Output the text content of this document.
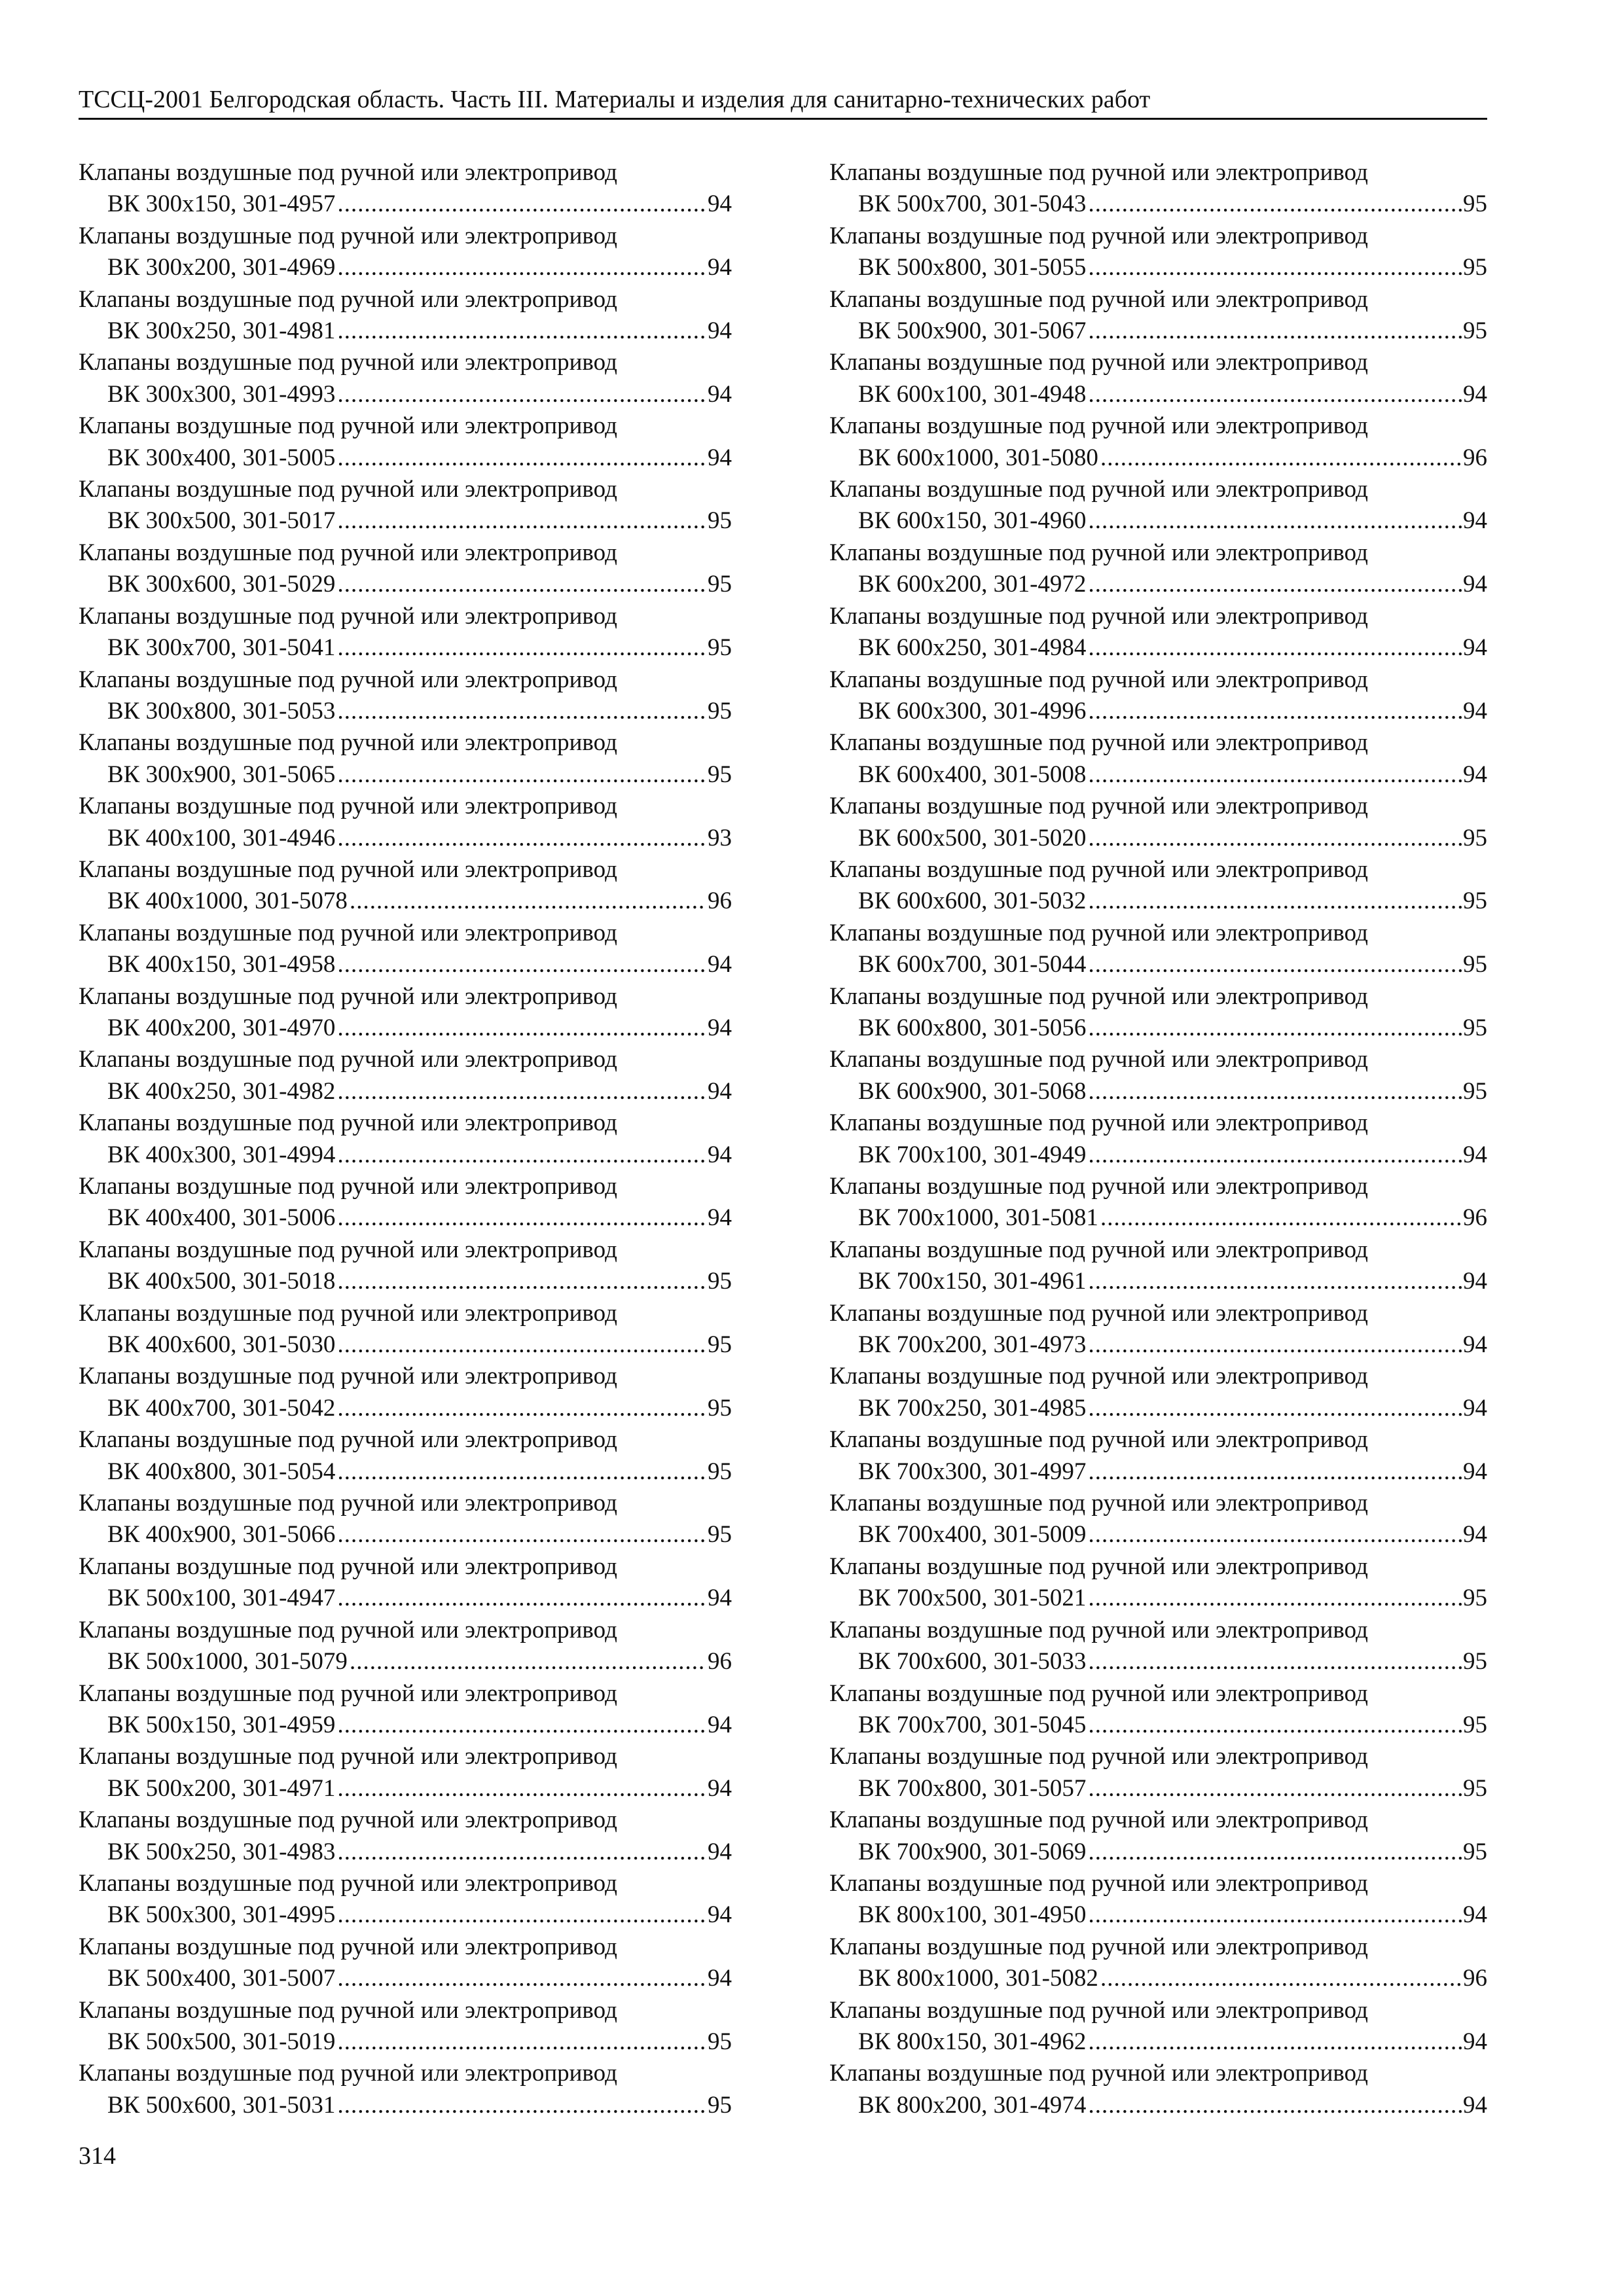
ТССЦ-2001 Белгородская область. Часть III. Материалы и изделия для санитарно-технических работ
Клапаны воздушные под ручной или электропривод
ВК 300х150, 301-4957 .....	94
Клапаны воздушные под ручной или электропривод
ВК 300х200, 301-4969 .....	94
Клапаны воздушные под ручной или электропривод
ВК 300х250, 301-4981 .....	94
Клапаны воздушные под ручной или электропривод
ВК 300х300, 301-4993 .....	94
Клапаны воздушные под ручной или электропривод
ВК 300х400, 301-5005 .....	94
Клапаны воздушные под ручной или электропривод
ВК 300х500, 301-5017 .....	95
Клапаны воздушные под ручной или электропривод
ВК 300х600, 301-5029 .....	95
Клапаны воздушные под ручной или электропривод
ВК 300х700, 301-5041 .....	95
Клапаны воздушные под ручной или электропривод
ВК 300х800, 301-5053 .....	95
Клапаны воздушные под ручной или электропривод
ВК 300х900, 301-5065 .....	95
Клапаны воздушные под ручной или электропривод
ВК 400х100, 301-4946 .....	93
Клапаны воздушные под ручной или электропривод
ВК 400х1000, 301-5078 .....	96
Клапаны воздушные под ручной или электропривод
ВК 400х150, 301-4958 .....	94
Клапаны воздушные под ручной или электропривод
ВК 400х200, 301-4970 .....	94
Клапаны воздушные под ручной или электропривод
ВК 400х250, 301-4982 .....	94
Клапаны воздушные под ручной или электропривод
ВК 400х300, 301-4994 .....	94
Клапаны воздушные под ручной или электропривод
ВК 400х400, 301-5006 .....	94
Клапаны воздушные под ручной или электропривод
ВК 400х500, 301-5018 .....	95
Клапаны воздушные под ручной или электропривод
ВК 400х600, 301-5030 .....	95
Клапаны воздушные под ручной или электропривод
ВК 400х700, 301-5042 .....	95
Клапаны воздушные под ручной или электропривод
ВК 400х800, 301-5054 .....	95
Клапаны воздушные под ручной или электропривод
ВК 400х900, 301-5066 .....	95
Клапаны воздушные под ручной или электропривод
ВК 500х100, 301-4947 .....	94
Клапаны воздушные под ручной или электропривод
ВК 500х1000, 301-5079 .....	96
Клапаны воздушные под ручной или электропривод
ВК 500х150, 301-4959 .....	94
Клапаны воздушные под ручной или электропривод
ВК 500х200, 301-4971 .....	94
Клапаны воздушные под ручной или электропривод
ВК 500х250, 301-4983 .....	94
Клапаны воздушные под ручной или электропривод
ВК 500х300, 301-4995 .....	94
Клапаны воздушные под ручной или электропривод
ВК 500х400, 301-5007 .....	94
Клапаны воздушные под ручной или электропривод
ВК 500х500, 301-5019 .....	95
Клапаны воздушные под ручной или электропривод
ВК 500х600, 301-5031 .....	95
Клапаны воздушные под ручной или электропривод
ВК 500х700, 301-5043 .....	95
Клапаны воздушные под ручной или электропривод
ВК 500х800, 301-5055 .....	95
Клапаны воздушные под ручной или электропривод
ВК 500х900, 301-5067 .....	95
Клапаны воздушные под ручной или электропривод
ВК 600х100, 301-4948 .....	94
Клапаны воздушные под ручной или электропривод
ВК 600х1000, 301-5080 .....	96
Клапаны воздушные под ручной или электропривод
ВК 600х150, 301-4960 .....	94
Клапаны воздушные под ручной или электропривод
ВК 600х200, 301-4972 .....	94
Клапаны воздушные под ручной или электропривод
ВК 600х250, 301-4984 .....	94
Клапаны воздушные под ручной или электропривод
ВК 600х300, 301-4996 .....	94
Клапаны воздушные под ручной или электропривод
ВК 600х400, 301-5008 .....	94
Клапаны воздушные под ручной или электропривод
ВК 600х500, 301-5020 .....	95
Клапаны воздушные под ручной или электропривод
ВК 600х600, 301-5032 .....	95
Клапаны воздушные под ручной или электропривод
ВК 600х700, 301-5044 .....	95
Клапаны воздушные под ручной или электропривод
ВК 600х800, 301-5056 .....	95
Клапаны воздушные под ручной или электропривод
ВК 600х900, 301-5068 .....	95
Клапаны воздушные под ручной или электропривод
ВК 700х100, 301-4949 .....	94
Клапаны воздушные под ручной или электропривод
ВК 700х1000, 301-5081 .....	96
Клапаны воздушные под ручной или электропривод
ВК 700х150, 301-4961 .....	94
Клапаны воздушные под ручной или электропривод
ВК 700х200, 301-4973 .....	94
Клапаны воздушные под ручной или электропривод
ВК 700х250, 301-4985 .....	94
Клапаны воздушные под ручной или электропривод
ВК 700х300, 301-4997 .....	94
Клапаны воздушные под ручной или электропривод
ВК 700х400, 301-5009 .....	94
Клапаны воздушные под ручной или электропривод
ВК 700х500, 301-5021 .....	95
Клапаны воздушные под ручной или электропривод
ВК 700х600, 301-5033 .....	95
Клапаны воздушные под ручной или электропривод
ВК 700х700, 301-5045 .....	95
Клапаны воздушные под ручной или электропривод
ВК 700х800, 301-5057 .....	95
Клапаны воздушные под ручной или электропривод
ВК 700х900, 301-5069 .....	95
Клапаны воздушные под ручной или электропривод
ВК 800х100, 301-4950 .....	94
Клапаны воздушные под ручной или электропривод
ВК 800х1000, 301-5082 .....	96
Клапаны воздушные под ручной или электропривод
ВК 800х150, 301-4962 .....	94
Клапаны воздушные под ручной или электропривод
ВК 800х200, 301-4974 .....	94
314
